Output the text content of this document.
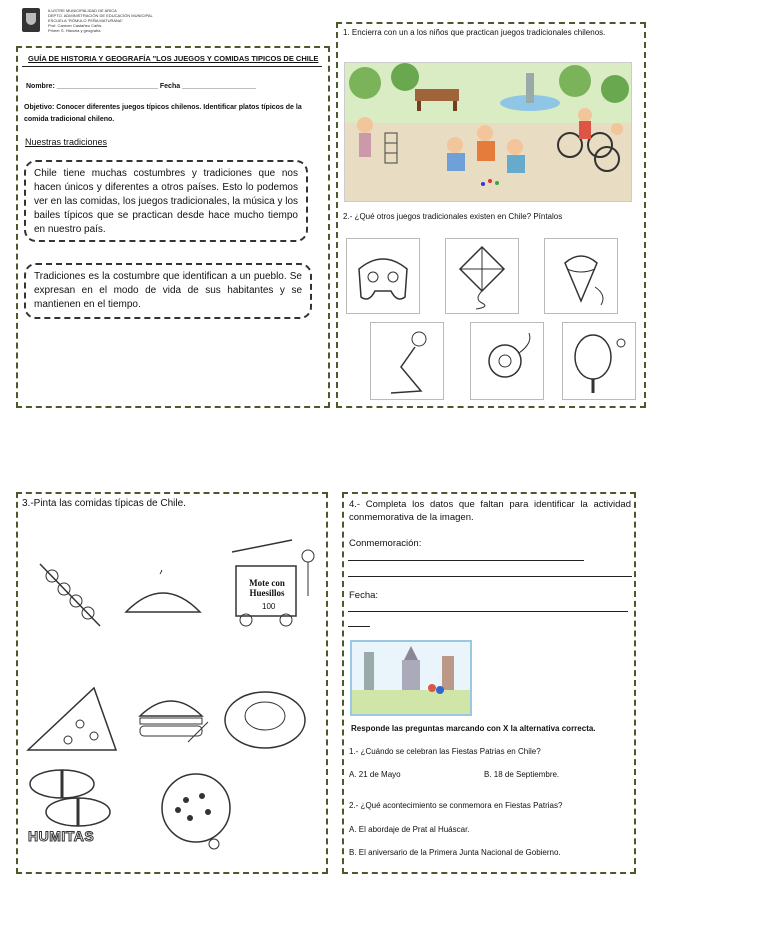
ILUSTRE MUNICIPALIDAD DE ARICA
DEPTO. ADMINISTRACIÓN DE EDUCACIÓN MUNICIPAL
ESCUELA "RÓMULO PEÑA MATURANA"
Prof. Carmen Castañeo Cañis
Primer S. Historia y geografía
GUÍA DE HISTORIA Y GEOGRAFÍA "LOS JUEGOS Y COMIDAS TIPICOS DE CHILE
Nombre: __________________________ Fecha ___________________
Objetivo: Conocer diferentes juegos típicos chilenos. Identificar platos típicos de la comida tradicional chileno.
Nuestras tradiciones
Chile tiene muchas costumbres y tradiciones que nos hacen únicos y diferentes a otros países. Esto lo podemos ver en las comidas, los juegos tradicionales, la música y los bailes típicos que se practican desde hace mucho tiempo en nuestro país.
Tradiciones es la costumbre que identifican a un pueblo. Se expresan en el modo de vida de sus habitantes y se mantienen en el tiempo.
1. Encierra con un a los niños que practican juegos tradicionales chilenos.
2.- ¿Qué otros juegos tradicionales existen en Chile? Píntalos
3.-Pinta las comidas típicas de Chile.
Mote con Huesillos
100
HUMITAS
4.- Completa los datos que faltan para identificar la actividad conmemorativa de la imagen.
Conmemoración:
Fecha:
Responde las preguntas marcando con X la alternativa correcta.
1.- ¿Cuándo se celebran las Fiestas Patrias en Chile?
A. 21 de Mayo	B. 18 de Septiembre.
2.- ¿Qué acontecimiento se conmemora en Fiestas Patrias?
A. El abordaje de Prat al Huáscar.
B. El aniversario de la Primera Junta Nacional de Gobierno.
